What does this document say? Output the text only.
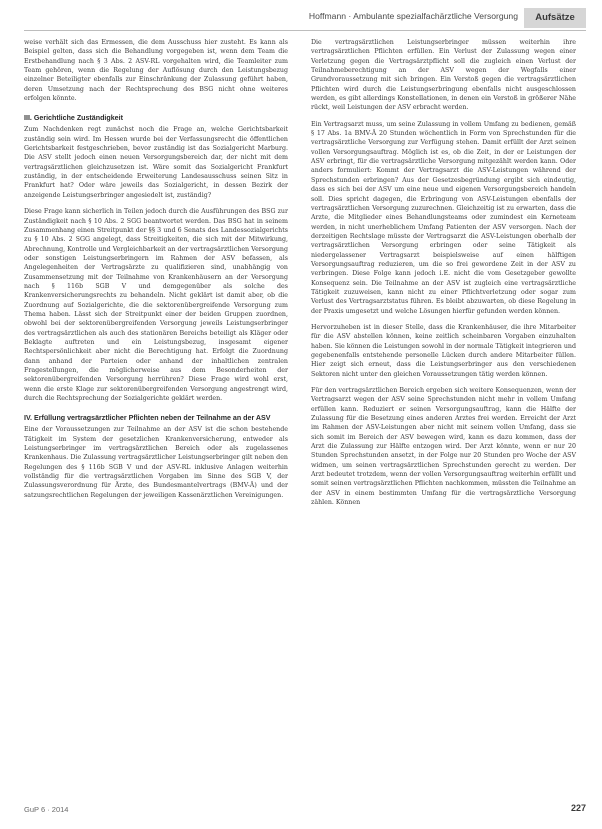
Hoffmann · Ambulante spezialfachärztliche Versorgung	Aufsätze

weise verhält sich das Ermessen, die dem Ausschuss hier zusteht. Es kann als Beispiel gelten, dass sich die Behandlung vorgegeben ist, wenn dem Team die Erstbehandlung nach § 3 Abs. 2 ASV-RL vorgehalten wird, die Teamleiter zum Team gehören, wenn die Regelung der Auflösung durch den Leistungsbezug einzelner Beteiligter ebenfalls zur Einschränkung der Zulassung geführt haben, deren Umsetzung nach der Rechtsprechung des BSG nicht ohne weiteres erfolgen könnte.

III. Gerichtliche Zuständigkeit

Zum Nachdenken regt zunächst noch die Frage an, welche Gerichtsbarkeit zuständig sein wird. Im Hessen wurde bei der Verfassungsrecht die öffentlichen Gerichtsbarkeit festgeschrieben, bevor zuständig ist das Sozialgericht Marburg. Die ASV stellt jedoch einen neuen Versorgungsbereich dar, der nicht mit dem vertragsärztlichen gleichzusetzen ist. Wäre somit das Sozialgericht Frankfurt zuständig, in der entscheidende Erweiterung Landesausschuss seinen Sitz in Frankfurt hat? Oder wäre jeweils das Sozialgericht, in dessen Bezirk der anzeigende Leistungserbringer angesiedelt ist, zuständig?

Diese Frage kann sicherlich in Teilen jedoch durch die Ausführungen des BSG zur Zuständigkeit nach § 10 Abs. 2 SGG beantwortet werden. Das BSG hat in seinem Zusammenhang einen Streitpunkt der §§ 3 und 6 Senats des Landessozialgerichts zu § 10 Abs. 2 SGG angelegt, dass Streitigkeiten, die sich mit der Mitwirkung, Abrechnung, Kontrolle und Vergleichbarkeit an der vertragsärztlichen Versorgung oder sonstigen Leistungserbringern im Rahmen der ASV befassen, als Angelegenheiten der Vertragsärzte zu qualifizieren sind, unabhängig von Zusammensetzung mit der Teilnahme von Krankenhäusern an der Versorgung nach § 116b SGB V und demgegenüber als solche des Krankenversicherungsrechts zu behandeln. Nicht geklärt ist damit aber, ob die Zuordnung auf Sozialgerichte, die die sektorenübergreifende Versorgung zum Thema haben. Lässt sich der Streitpunkt einer der beiden Gruppen zuordnen, obwohl bei der sektorenübergreifenden Versorgung jeweils Leistungserbringer des vertragsärztlichen als auch des stationären Bereichs beteiligt als Kläger oder Beklagte auftreten und ein Leistungsbezug, insgesamt eigener Rechtspersönlichkeit aber nicht die Berechtigung hat. Erfolgt die Zuordnung dann anhand der Parteien oder anhand der inhaltlichen zentralen Fragestellungen, die möglicherweise aus dem Besonderheiten der sektorenübergreifenden Versorgung herrühren? Diese Frage wird wohl erst, wenn die erste Klage zur sektorenübergreifenden Versorgung angestrengt wird, durch die Rechtsprechung der Sozialgerichte geklärt werden.

IV. Erfüllung vertragsärztlicher Pflichten neben der Teilnahme an der ASV

Eine der Voraussetzungen zur Teilnahme an der ASV ist die schon bestehende Tätigkeit im System der gesetzlichen Krankenversicherung, entweder als Leistungserbringer im vertragsärztlichen Bereich oder als zugelassenes Krankenhaus. Die Zulassung vertragsärztlicher Leistungserbringer gilt neben den Regelungen des § 116b SGB V und der ASV-RL inklusive Anlagen weiterhin vollständig für die vertragsärztlichen Vorgaben im Sinne des SGB V, der Zulassungsverordnung für Ärzte, des Bundesmantelvertrags (BMV-Ä) und der satzungsrechtlichen Regelungen der jeweiligen Kassenärztlichen Vereinigungen.

Die vertragsärztlichen Leistungserbringer müssen weiterhin ihre vertragsärztlichen Pflichten erfüllen. Ein Verlust der Zulassung wegen einer Verletzung gegen die Vertragsärztpflicht soll die zugleich einen Verlust der Teilnahmeberechtigung an der ASV wegen der Wegfalls einer Grundvoraussetzung mit sich bringen. Ein Verstoß gegen die vertragsärztlichen Pflichten wird durch die Leistungserbringung ebenfalls nicht ausgeschlossen werden, es gibt allerdings Konstellationen, in denen ein Verstoß in größerer Nähe rückt, weil Leistungen der ASV erbracht werden.

Ein Vertragsarzt muss, um seine Zulassung in vollem Umfang zu bedienen, gemäß § 17 Abs. 1a BMV-Ä 20 Stunden wöchentlich in Form von Sprechstunden für die vertragsärztliche Versorgung zur Verfügung stehen. Damit erfüllt der Arzt seinen vollen Versorgungsauftrag. Möglich ist es, ob die Zeit, in der er Leistungen der ASV erbringt, für die vertragsärztliche Versorgung mitgezählt werden kann. Oder anders formuliert: Kommt der Vertragsarzt die ASV-Leistungen während der Sprechstunden erbringen? Aus der Gesetzesbegründung ergibt sich eindeutig, dass es sich bei der ASV um eine neue und eigenen Versorgungsbereich handeln soll. Dies spricht dagegen, die Erbringung von ASV-Leistungen ebenfalls der vertragsärztlichen Versorgung zuzurechnen. Gleichzeitig ist zu erwarten, dass die Arzte, die Mitglieder eines Behandlungsteams oder zumindest ein Kerneteam werden, in nicht unerheblichem Umfang Patienten der ASV versorgen. Nach der derzeitigen Rechtslage müsste der Vertragsarzt die ASV-Leistungen oberhalb der vertragsärztlichen Versorgung erbringen oder seine Tätigkeit als niedergelassener Vertragsarzt beispielsweise auf einen hälftigen Versorgungsauftrag reduzieren, um die so frei gewordene Zeit in der ASV zu verbringen. Diese Folge kann jedoch i.E. nicht die vom Gesetzgeber gewollte Konsequenz sein. Die Teilnahme an der ASV ist zugleich eine vertragsärztliche Tätigkeit zuzuweisen, kann nicht zu einer Pflichtverletzung oder sogar zum Verlust des Vertragsarztstatus führen. Es bleibt abzuwarten, ob diese Regelung in der Praxis umgesetzt und welche Lösungen hierfür gefunden werden können.

Hervorzuheben ist in dieser Stelle, dass die Krankenhäuser, die ihre Mitarbeiter für die ASV abstellen können, keine zeitlich scheinbaren Vorgaben einzuhalten haben. Sie können die Leistungen sowohl in der normale Tätigkeit integrieren und gegebenenfalls entstehende personelle Lücken durch andere Mitarbeiter füllen. Hier zeigt sich erneut, dass die Leistungserbringer aus den verschiedenen Sektoren nicht unter den gleichen Voraussetzungen tätig werden können.

Für den vertragsärztlichen Bereich ergeben sich weitere Konsequenzen, wenn der Vertragsarzt wegen der ASV seine Sprechstunden nicht mehr in vollem Umfang erfüllen kann. Reduziert er seinen Versorgungsauftrag, kann die Hälfte der Zulassung für die Besetzung eines anderen Arztes frei werden. Erreicht der Arzt im Rahmen der ASV-Leistungen aber nicht mit seinem vollen Umfang, dass sie sich somit im Bereich der ASV bewegen wird, kann es dazu kommen, dass der Arzt die Zulassung zur Hälfte entzogen wird. Der Arzt könnte, wenn er nur 20 Stunden Sprechstunden ansetzt, in der Folge nur 20 Stunden pro Woche der ASV widmen, um seinen vertragsärztlichen Sprechstunden gerecht zu werden. Der Arzt bedeutet trotzdem, wenn der vollen Versorgungsauftrag weiterhin erfüllt und somit seinen vertragsärztlichen Pflichten nachkommen, müssten die Teilnahme an der ASV in einem bestimmten Umfang für die vertragsärztliche Versorgung zählen. Können

GuP 6 · 2014	227
